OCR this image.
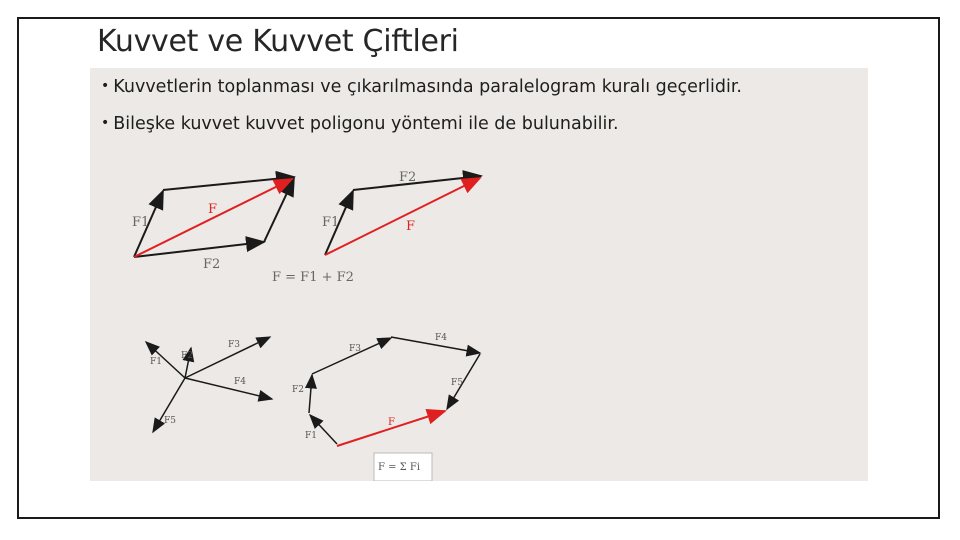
Kuvvet ve Kuvvet Çiftleri
• Kuvvetlerin toplanması ve çıkarılmasında paralelogram kuralı geçerlidir.
• Bileşke kuvvet kuvvet poligonu yöntemi ile de bulunabilir.
F1
F2
F
F1
F2
F
F = F1 + F2
F1
F2
F3
F4
F5
F1
F2
F3
F4
F5
F
F = Σ Fi
